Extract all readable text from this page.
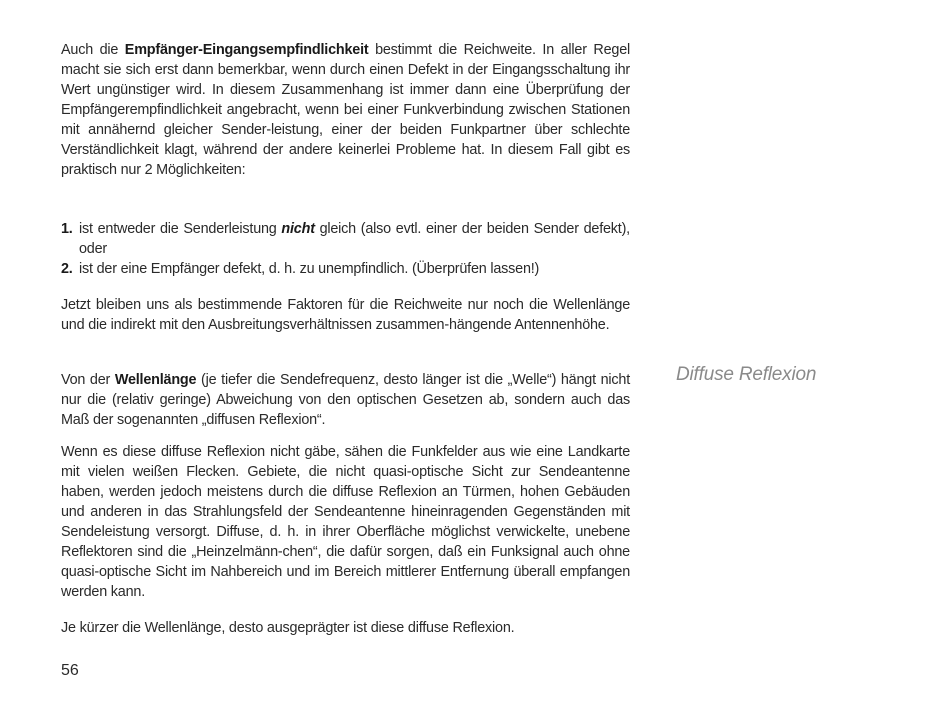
Auch die Empfänger-Eingangsempfindlichkeit bestimmt die Reichweite. In aller Regel macht sie sich erst dann bemerkbar, wenn durch einen Defekt in der Eingangsschaltung ihr Wert ungünstiger wird. In diesem Zusammenhang ist immer dann eine Überprüfung der Empfängerempfindlichkeit angebracht, wenn bei einer Funkverbindung zwischen Stationen mit annähernd gleicher Sender-leistung, einer der beiden Funkpartner über schlechte Verständlichkeit klagt, während der andere keinerlei Probleme hat. In diesem Fall gibt es praktisch nur 2 Möglichkeiten:

1. ist entweder die Senderleistung nicht gleich (also evtl. einer der beiden Sender defekt), oder
2. ist der eine Empfänger defekt, d. h. zu unempfindlich. (Überprüfen lassen!)

Jetzt bleiben uns als bestimmende Faktoren für die Reichweite nur noch die Wellenlänge und die indirekt mit den Ausbreitungsverhältnissen zusammen-hängende Antennenhöhe.

Von der Wellenlänge (je tiefer die Sendefrequenz, desto länger ist die „Welle“) hängt nicht nur die (relativ geringe) Abweichung von den optischen Gesetzen ab, sondern auch das Maß der sogenannten „diffusen Reflexion“.

Wenn es diese diffuse Reflexion nicht gäbe, sähen die Funkfelder aus wie eine Landkarte mit vielen weißen Flecken. Gebiete, die nicht quasi-optische Sicht zur Sendeantenne haben, werden jedoch meistens durch die diffuse Reflexion an Türmen, hohen Gebäuden und anderen in das Strahlungsfeld der Sendeantenne hineinragenden Gegenständen mit Sendeleistung versorgt. Diffuse, d. h. in ihrer Oberfläche möglichst verwickelte, unebene Reflektoren sind die „Heinzelmänn-chen“, die dafür sorgen, daß ein Funksignal auch ohne quasi-optische Sicht im Nahbereich und im Bereich mittlerer Entfernung überall empfangen werden kann.

Je kürzer die Wellenlänge, desto ausgeprägter ist diese diffuse Reflexion.

Diffuse Reflexion
56
